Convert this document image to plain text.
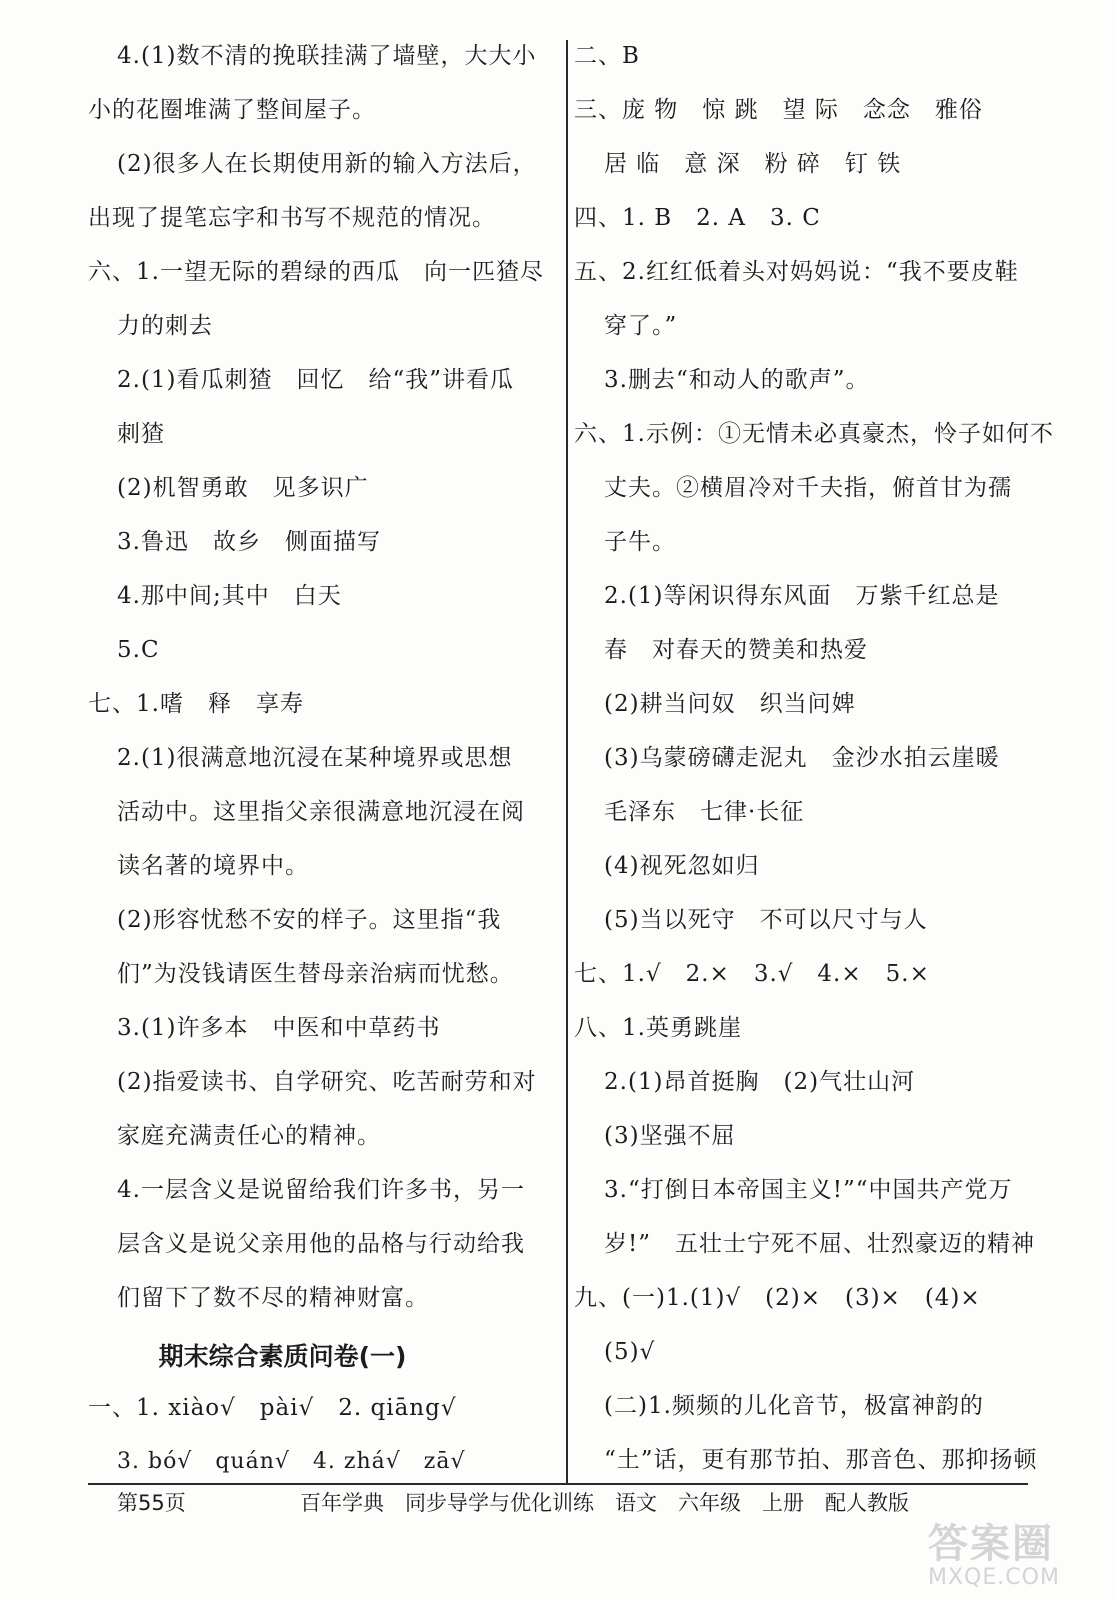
4.(1)数不清的挽联挂满了墙壁，大大小
小的花圈堆满了整间屋子。
(2)很多人在长期使用新的输入方法后，
出现了提笔忘字和书写不规范的情况。
六、1.一望无际的碧绿的西瓜　向一匹猹尽
力的刺去
2.(1)看瓜刺猹　回忆　给“我”讲看瓜
刺猹
(2)机智勇敢　见多识广
3.鲁迅　故乡　侧面描写
4.那中间;其中　白天
5.C
七、1.嗜　释　享寿
2.(1)很满意地沉浸在某种境界或思想
活动中。这里指父亲很满意地沉浸在阅
读名著的境界中。
(2)形容忧愁不安的样子。这里指“我
们”为没钱请医生替母亲治病而忧愁。
3.(1)许多本　中医和中草药书
(2)指爱读书、自学研究、吃苦耐劳和对
家庭充满责任心的精神。
4.一层含义是说留给我们许多书，另一
层含义是说父亲用他的品格与行动给我
们留下了数不尽的精神财富。
期末综合素质问卷(一)
一、1. xiào√　pài√　2. qiāng√
3. bó√　quán√　4. zhá√　zā√
二、B
三、庞 物　惊 跳　望 际　念念　雅俗
居 临　意 深　粉 碎　钉 铁
四、1. B　2. A　3. C
五、2.红红低着头对妈妈说：“我不要皮鞋
穿了。”
3.删去“和动人的歌声”。
六、1.示例：①无情未必真豪杰，怜子如何不
丈夫。②横眉冷对千夫指，俯首甘为孺
子牛。
2.(1)等闲识得东风面　万紫千红总是
春　对春天的赞美和热爱
(2)耕当问奴　织当问婢
(3)乌蒙磅礴走泥丸　金沙水拍云崖暖
毛泽东　七律·长征
(4)视死忽如归
(5)当以死守　不可以尺寸与人
七、1.√　2.×　3.√　4.×　5.×
八、1.英勇跳崖
2.(1)昂首挺胸　(2)气壮山河
(3)坚强不屈
3.“打倒日本帝国主义!”“中国共产党万
岁!”　五壮士宁死不屈、壮烈豪迈的精神
九、(一)1.(1)√　(2)×　(3)×　(4)×
(5)√
(二)1.频频的儿化音节，极富神韵的
“土”话，更有那节拍、那音色、那抑扬顿
第55页	百年学典　同步导学与优化训练　语文　六年级　上册　配人教版
答案圈
MXQE.COM
